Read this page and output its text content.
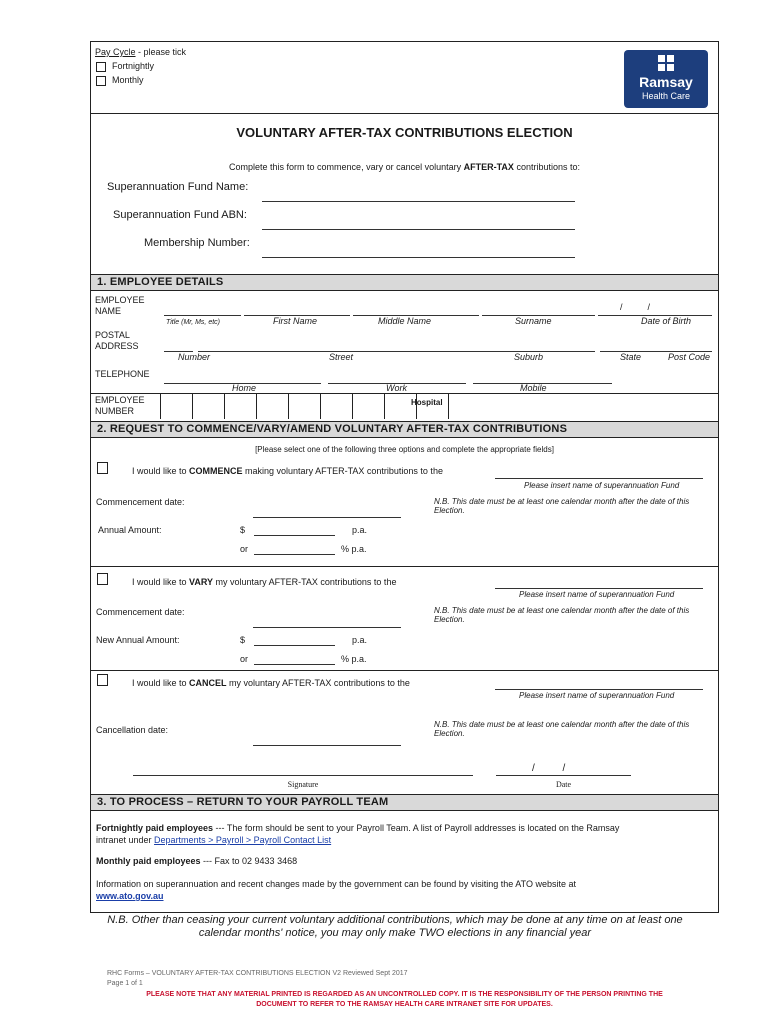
Pay Cycle - please tick
Fortnightly
Monthly	Ramsay
Health Care
VOLUNTARY AFTER-TAX CONTRIBUTIONS ELECTION
Complete this form to commence, vary or cancel voluntary AFTER-TAX contributions to:
Superannuation Fund Name:
Superannuation Fund ABN:
Membership Number:
1. EMPLOYEE DETAILS
EMPLOYEE
NAME	/          /
Title (Mr, Ms, etc)	First Name	Middle Name	Surname	Date of Birth
POSTAL
ADDRESS
Number	Street	Suburb	State	Post Code
TELEPHONE
Home	Work	Mobile
EMPLOYEE
NUMBER
Hospital
2. REQUEST TO COMMENCE/VARY/AMEND VOLUNTARY AFTER-TAX CONTRIBUTIONS
[Please select one of the following three options and complete the appropriate fields]
I would like to COMMENCE making voluntary AFTER-TAX contributions to the
Please insert name of superannuation Fund
Commencement date:	N.B. This date must be at least one calendar month after the date of this Election.
Annual Amount:	$	p.a.
or	% p.a.
I would like to VARY my voluntary AFTER-TAX contributions to the
Please insert name of superannuation Fund
Commencement date:	N.B. This date must be at least one calendar month after the date of this Election.
New Annual Amount:	$	p.a.
or	% p.a.
I would like to CANCEL my voluntary AFTER-TAX contributions to the
Please insert name of superannuation Fund
Cancellation date:
N.B. This date must be at least one calendar month after the date of this Election.
Signature
/          /
Date
3. TO PROCESS – RETURN TO YOUR PAYROLL TEAM
Fortnightly paid employees --- The form should be sent to your Payroll Team. A list of Payroll addresses is located on the Ramsay
intranet under Departments > Payroll > Payroll Contact List
Monthly paid employees --- Fax to 02 9433 3468
Information on superannuation and recent changes made by the government can be found by visiting the ATO website at
www.ato.gov.au
N.B. Other than ceasing your current voluntary additional contributions, which may be done at any time on at least one calendar months' notice, you may only make TWO elections in any financial year
RHC Forms – VOLUNTARY AFTER-TAX CONTRIBUTIONS ELECTION V2 Reviewed Sept 2017
Page 1 of 1
PLEASE NOTE THAT ANY MATERIAL PRINTED IS REGARDED AS AN UNCONTROLLED COPY. IT IS THE RESPONSIBILITY OF THE PERSON PRINTING THE
DOCUMENT TO REFER TO THE RAMSAY HEALTH CARE INTRANET SITE FOR UPDATES.
